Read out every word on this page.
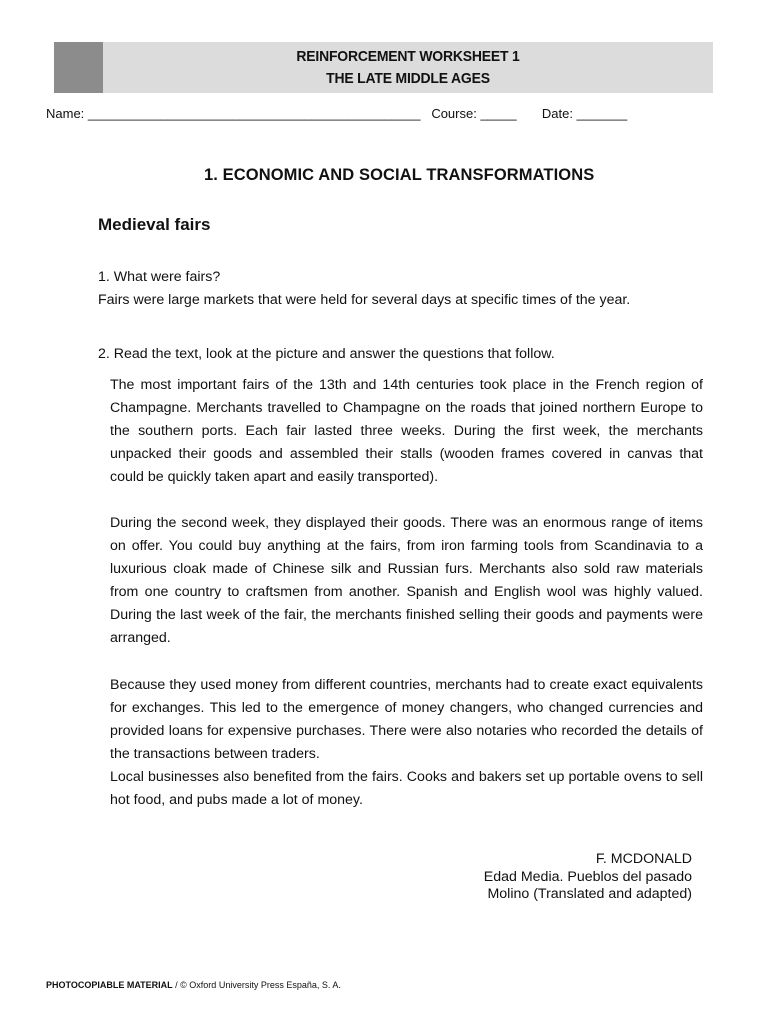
REINFORCEMENT WORKSHEET 1
THE LATE MIDDLE AGES
Name: ______________________________________________   Course: _____       Date: _______
1. ECONOMIC AND SOCIAL TRANSFORMATIONS
Medieval fairs
1. What were fairs?
Fairs were large markets that were held for several days at specific times of the year.
2. Read the text, look at the picture and answer the questions that follow.

The most important fairs of the 13th and 14th centuries took place in the French region of Champagne. Merchants travelled to Champagne on the roads that joined northern Europe to the southern ports. Each fair lasted three weeks. During the first week, the merchants unpacked their goods and assembled their stalls (wooden frames covered in canvas that could be quickly taken apart and easily transported).

During the second week, they displayed their goods. There was an enormous range of items on offer. You could buy anything at the fairs, from iron farming tools from Scandinavia to a luxurious cloak made of Chinese silk and Russian furs. Merchants also sold raw materials from one country to craftsmen from another. Spanish and English wool was highly valued. During the last week of the fair, the merchants finished selling their goods and payments were arranged.

Because they used money from different countries, merchants had to create exact equivalents for exchanges. This led to the emergence of money changers, who changed currencies and provided loans for expensive purchases. There were also notaries who recorded the details of the transactions between traders.

Local businesses also benefited from the fairs. Cooks and bakers set up portable ovens to sell hot food, and pubs made a lot of money.

F. MCDONALD
Edad Media. Pueblos del pasado
Molino (Translated and adapted)
PHOTOCOPIABLE MATERIAL / © Oxford University Press España, S. A.
